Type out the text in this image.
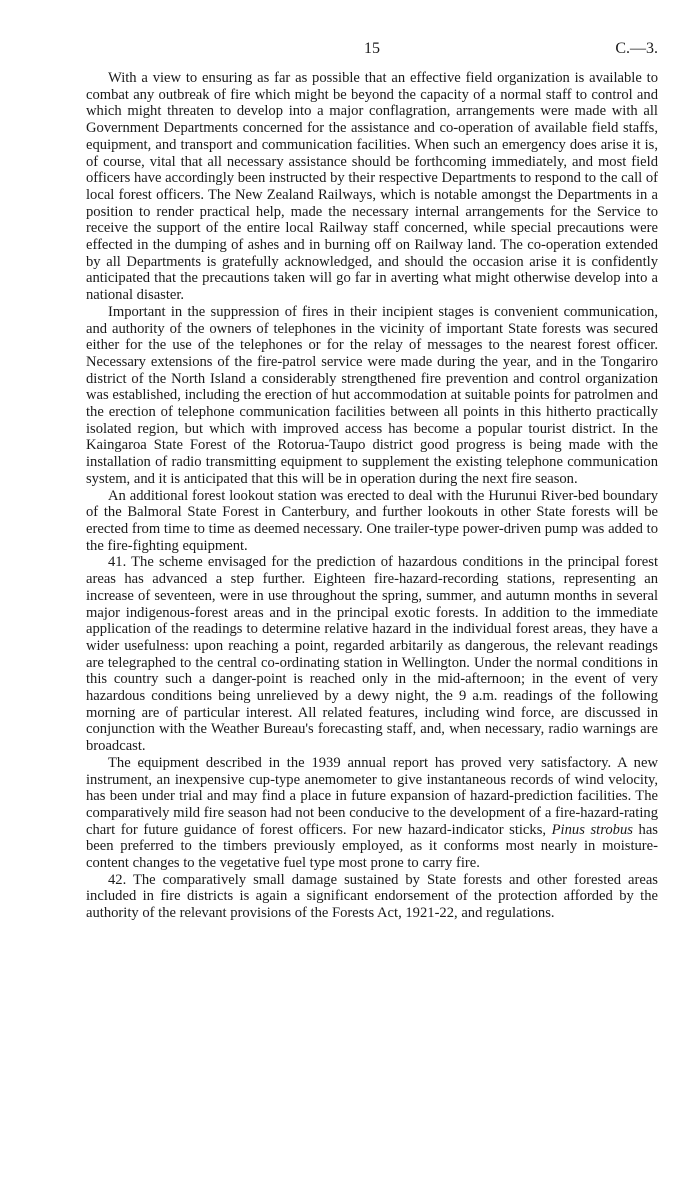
15	C.—3.

With a view to ensuring as far as possible that an effective field organization is available to combat any outbreak of fire which might be beyond the capacity of a normal staff to control and which might threaten to develop into a major conflagration, arrangements were made with all Government Departments concerned for the assistance and co-operation of available field staffs, equipment, and transport and communication facilities. When such an emergency does arise it is, of course, vital that all necessary assistance should be forthcoming immediately, and most field officers have accordingly been instructed by their respective Departments to respond to the call of local forest officers. The New Zealand Railways, which is notable amongst the Departments in a position to render practical help, made the necessary internal arrangements for the Service to receive the support of the entire local Railway staff concerned, while special precautions were effected in the dumping of ashes and in burning off on Railway land. The co-operation extended by all Departments is gratefully acknowledged, and should the occasion arise it is confidently anticipated that the precautions taken will go far in averting what might otherwise develop into a national disaster.

Important in the suppression of fires in their incipient stages is convenient communication, and authority of the owners of telephones in the vicinity of important State forests was secured either for the use of the telephones or for the relay of messages to the nearest forest officer. Necessary extensions of the fire-patrol service were made during the year, and in the Tongariro district of the North Island a considerably strengthened fire prevention and control organization was established, including the erection of hut accommodation at suitable points for patrolmen and the erection of telephone communication facilities between all points in this hitherto practically isolated region, but which with improved access has become a popular tourist district. In the Kaingaroa State Forest of the Rotorua-Taupo district good progress is being made with the installation of radio transmitting equipment to supplement the existing telephone communication system, and it is anticipated that this will be in operation during the next fire season.

An additional forest lookout station was erected to deal with the Hurunui River-bed boundary of the Balmoral State Forest in Canterbury, and further lookouts in other State forests will be erected from time to time as deemed necessary. One trailer-type power-driven pump was added to the fire-fighting equipment.

41. The scheme envisaged for the prediction of hazardous conditions in the principal forest areas has advanced a step further. Eighteen fire-hazard-recording stations, representing an increase of seventeen, were in use throughout the spring, summer, and autumn months in several major indigenous-forest areas and in the principal exotic forests. In addition to the immediate application of the readings to determine relative hazard in the individual forest areas, they have a wider usefulness: upon reaching a point, regarded arbitarily as dangerous, the relevant readings are telegraphed to the central co-ordinating station in Wellington. Under the normal conditions in this country such a danger-point is reached only in the mid-afternoon; in the event of very hazardous conditions being unrelieved by a dewy night, the 9 a.m. readings of the following morning are of particular interest. All related features, including wind force, are discussed in conjunction with the Weather Bureau's forecasting staff, and, when necessary, radio warnings are broadcast.

The equipment described in the 1939 annual report has proved very satisfactory. A new instrument, an inexpensive cup-type anemometer to give instantaneous records of wind velocity, has been under trial and may find a place in future expansion of hazard-prediction facilities. The comparatively mild fire season had not been conducive to the development of a fire-hazard-rating chart for future guidance of forest officers. For new hazard-indicator sticks, Pinus strobus has been preferred to the timbers previously employed, as it conforms most nearly in moisture-content changes to the vegetative fuel type most prone to carry fire.

42. The comparatively small damage sustained by State forests and other forested areas included in fire districts is again a significant endorsement of the protection afforded by the authority of the relevant provisions of the Forests Act, 1921-22, and regulations.
